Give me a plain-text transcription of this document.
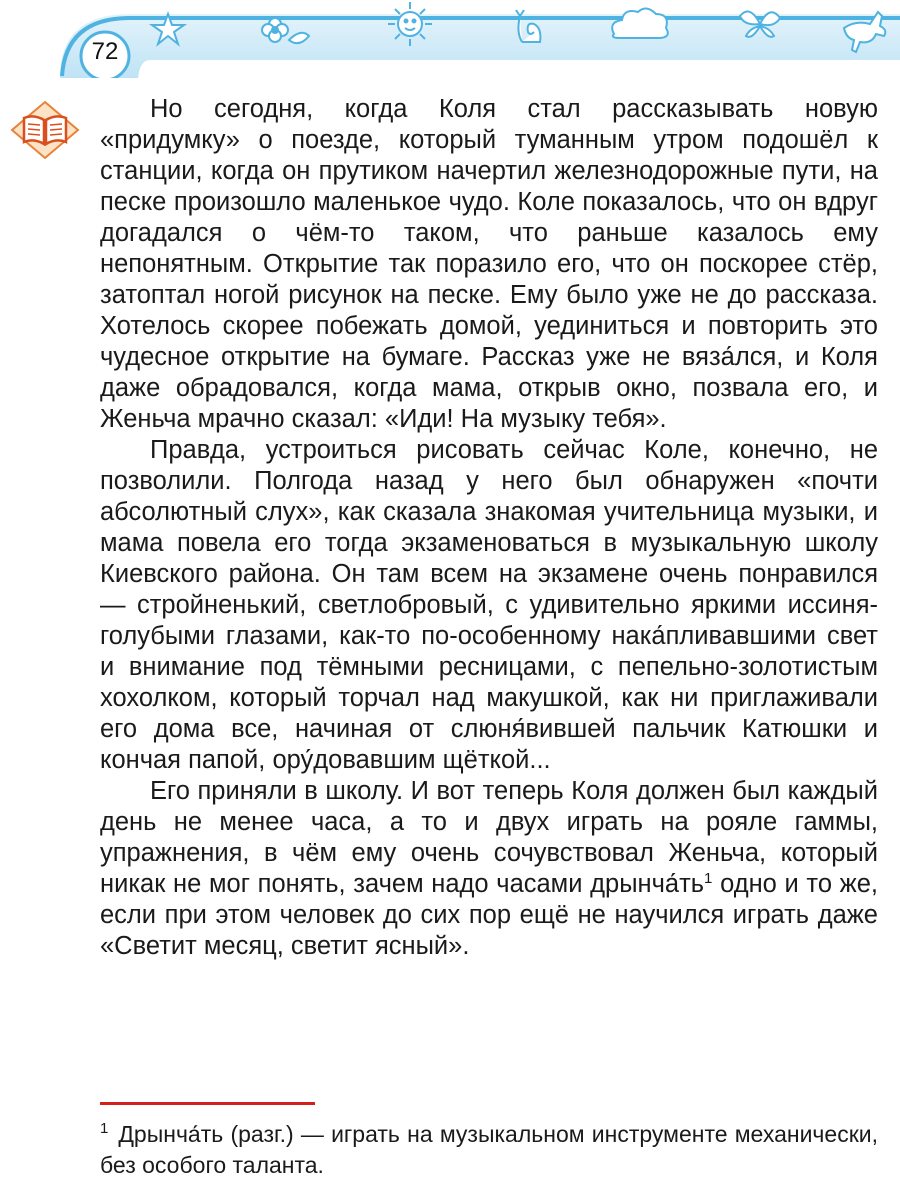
72

Но сегодня, когда Коля стал рассказывать новую «придумку» о поезде, который туманным утром подошёл к станции, когда он прутиком начертил железнодорожные пути, на песке произошло маленькое чудо. Коле показалось, что он вдруг догадался о чём-то таком, что раньше казалось ему непонятным. Открытие так поразило его, что он поскорее стёр, затоптал ногой рисунок на песке. Ему было уже не до рассказа. Хотелось скорее побежать домой, уединиться и повторить это чудесное открытие на бумаге. Рассказ уже не вяза́лся, и Коля даже обрадовался, когда мама, открыв окно, позвала его, и Женьча мрачно сказал: «Иди! На музыку тебя».

Правда, устроиться рисовать сейчас Коле, конечно, не позволили. Полгода назад у него был обнаружен «почти абсолютный слух», как сказала знакомая учительница музыки, и мама повела его тогда экзаменоваться в музыкальную школу Киевского района. Он там всем на экзамене очень понравился — стройненький, светлобровый, с удивительно яркими иссиня-голубыми глазами, как-то по-особенному нака́пливавшими свет и внимание под тёмными ресницами, с пепельно-золотистым хохолком, который торчал над макушкой, как ни приглаживали его дома все, начиная от слюня́вившей пальчик Катюшки и кончая папой, ору́довавшим щёткой...

Его приняли в школу. И вот теперь Коля должен был каждый день не менее часа, а то и двух играть на рояле гаммы, упражнения, в чём ему очень сочувствовал Женьча, который никак не мог понять, зачем надо часами дрынча́ть$^1$ одно и то же, если при этом человек до сих пор ещё не научился играть даже «Светит месяц, светит ясный».

$^1$ Дрынча́ть (разг.) — играть на музыкальном инструменте механически, без особого таланта.
